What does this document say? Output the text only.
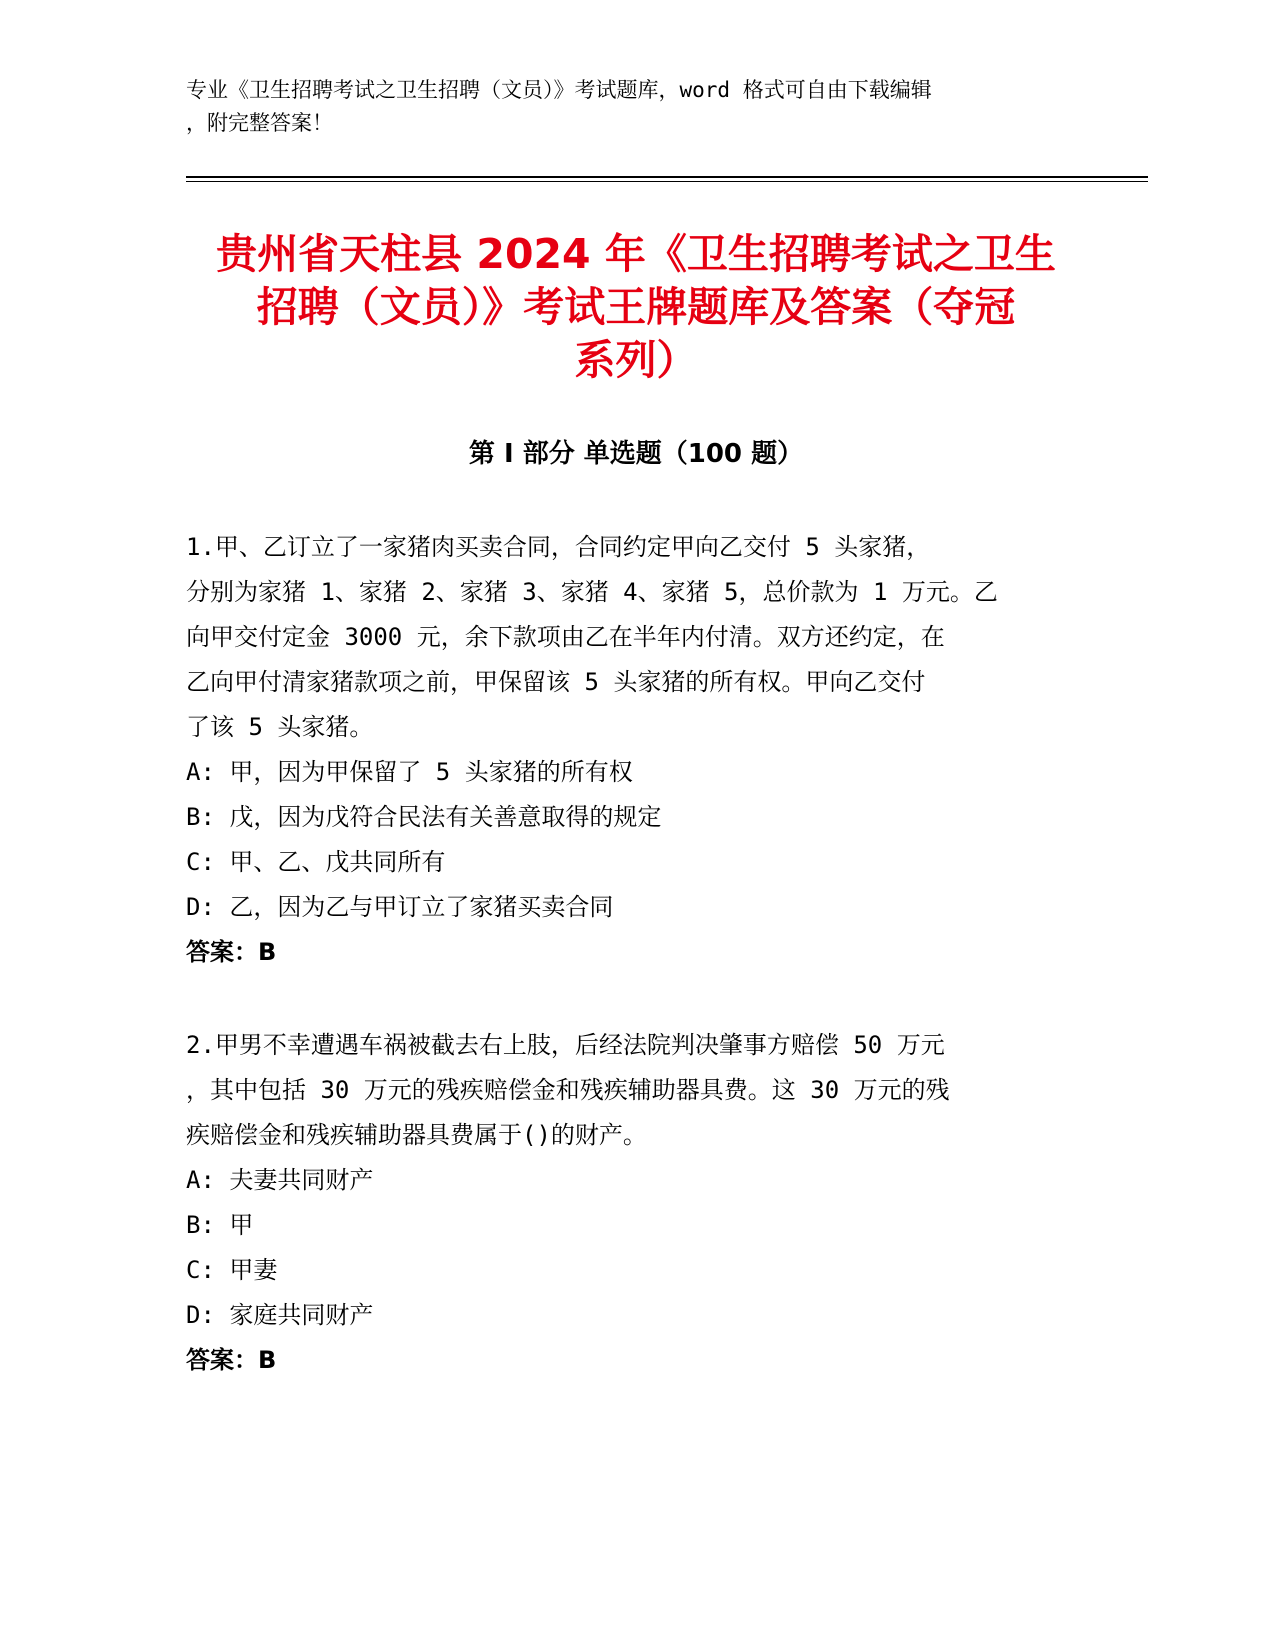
专业《卫生招聘考试之卫生招聘（文员）》考试题库，word 格式可自由下载编辑
，附完整答案！
贵州省天柱县 2024 年《卫生招聘考试之卫生
招聘（文员）》考试王牌题库及答案（夺冠
系列）
第 I 部分 单选题（100 题）

1.甲、乙订立了一家猪肉买卖合同，合同约定甲向乙交付 5 头家猪，

分别为家猪 1、家猪 2、家猪 3、家猪 4、家猪 5，总价款为 1 万元。乙

向甲交付定金 3000 元，余下款项由乙在半年内付清。双方还约定，在

乙向甲付清家猪款项之前，甲保留该 5 头家猪的所有权。甲向乙交付

了该 5 头家猪。

A: 甲，因为甲保留了 5 头家猪的所有权

B: 戊，因为戊符合民法有关善意取得的规定

C: 甲、乙、戊共同所有

D: 乙，因为乙与甲订立了家猪买卖合同

答案：B

2.甲男不幸遭遇车祸被截去右上肢，后经法院判决肇事方赔偿 50 万元

，其中包括 30 万元的残疾赔偿金和残疾辅助器具费。这 30 万元的残

疾赔偿金和残疾辅助器具费属于()的财产。

A: 夫妻共同财产

B: 甲

C: 甲妻

D: 家庭共同财产

答案：B
